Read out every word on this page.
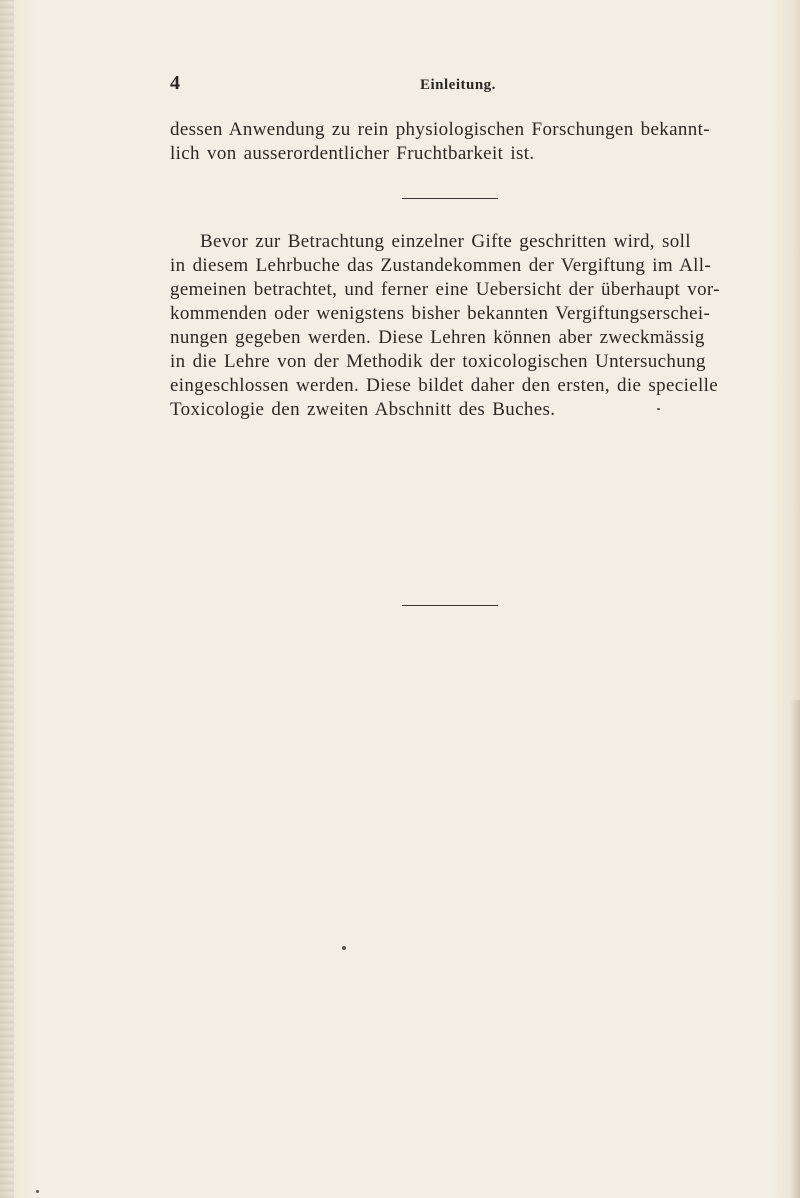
4	Einleitung.
dessen Anwendung zu rein physiologischen Forschungen bekannt-
lich von ausserordentlicher Fruchtbarkeit ist.
Bevor zur Betrachtung einzelner Gifte geschritten wird, soll
in diesem Lehrbuche das Zustandekommen der Vergiftung im All-
gemeinen betrachtet, und ferner eine Uebersicht der überhaupt vor-
kommenden oder wenigstens bisher bekannten Vergiftungserschei-
nungen gegeben werden. Diese Lehren können aber zweckmässig
in die Lehre von der Methodik der toxicologischen Untersuchung
eingeschlossen werden. Diese bildet daher den ersten, die specielle
Toxicologie den zweiten Abschnitt des Buches.
